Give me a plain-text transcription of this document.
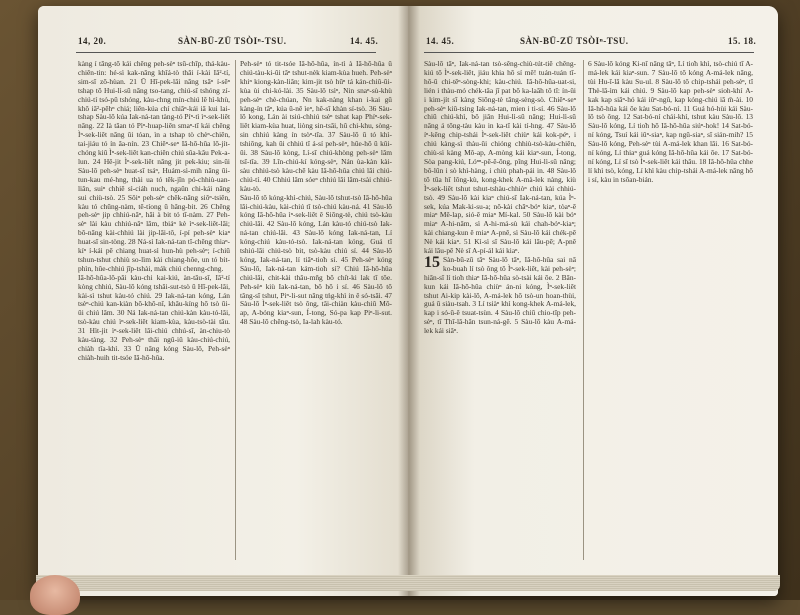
14, 20.	SÀN-BŪ-ZŪ TSÒIⁿ-TSU.	14. 45.

kàng í tāng-tō kái chêng peh-sèⁿ tsū-chīp, thá-kàu-chiên-tin: hé-sì kak-nāng khîá-tò thâi í-kài Iâ²-tí, sim-sī zō-hùan. 21 Ū Hî-pek-lâi nāng tsāⁿ í-sēⁿ tshap tō Hui-lì-sū nāng tso-tang, chiú-sī tshóng zí-chiú-tí tsó-pû tshóng, kàu-chng mín-chiú lê hì-khù, khô iā²-pêhⁿ chiá; liên-kúa chí chiāⁿ-kái iā kui lai-tshap Sàu-lō kúa Iak-ná-tan tàng-tó Píⁿ-tì ìⁿ-sek-liêt nāng. 22 Ià tāan tó Pìⁿ-huap-liên smaⁿ-tī kái chêng Ìⁿ-sek-liêt nāng ûi tóan, ìn a tshap tò chèⁿ-chiên, tai-jiáu tó ín ãa-nín. 23 Chiêⁿ-seⁿ Iâ-hō-hûa lō-jít-chóng kiû Ìⁿ-sek-liêt kan-chiên chiú sûa-kâu Pek-a-lun. 24 Hê-jit Ìⁿ-sek-liêt nāng jit pek-kiu; sin-ūi Sàu-lō peh-sèⁿ huat-sī tsáⁿ, Huám-sì-mih nāng ūi-tun-kau mé-hng, thài ua tó têk-jīn pó-chhiù-uan-liân, suiⁿ chhiē sì-ciáh nuch, ngaûn chi-kái nāng sui chiù-tsò. 25 Sôiⁿ peh-sèⁿ chêk-nāng siôⁿ-tsiên, kàu tó chūng-nàm, tē-tíong ū hâng-bit. 26 Chêng peh-sèⁿ jip chhiú-nâⁿ, hāi à bit tó tī-nàm. 27 Peh-sèⁿ lài kàu chhiú-nâⁿ lâm, tbiáⁿ kè ìⁿ-sek-liêt-lāi; bô-nāng kài-chhiú lài jip-lāi-tô, í-pí peh-sèⁿ kiaⁿ huat-sī sin-tòng. 28 Ná-sì Iak-ná-tan tî-chêng thiaⁿ-kíⁿ í-kái pē chiang huat-sì hun-hù peh-sèⁿ; í-chiū tshun-tshut chhiù so-lìm kài chiang-hôe, un tó bit-phìn, hûe-chhiú jīp-tshài, mák chiú chenng-chng.

Iā-hō-hûa-lô-pâi kàu-chi kai-kiú, àn-tāu-sī, Iâ²-tí kòng chhiú, Sàu-lō kóng tshâi-sut-tsò ū Hî-pek-lâi, kài-sì tshut kàu-tó chiú. 29 Iak-ná-tan kóng, Lán tsèⁿ-chiú kan-kiàn bô-khô-nî, khâu-kíng hō tsò ūi-ûi chiú lâm. 30 Ná Iak-ná-tan chiú-kàn kàu-tó-lâi, tsò-kàu chiú ìⁿ-sek-liêt kiam-kùa, kàu-tsò-tài tāu. 31 Hìt-jit ìⁿ-sek-liêt lâi-chiú chhú-sī, àn-chiu-tò kàu-tàng. 32 Peh-sèⁿ thâi ngû-iû kàu-chiú-chiú, chiàh tîa-khì. 33 Ū nāng kóng Sàu-lō, Peh-sèⁿ chiàh-huih tit-tsóe Iā-hō-hûa.

Peh-sèⁿ tó tit-tsóe Iâ-hō-hûa, ín-tì à Iâ-hō-hûa ū chiú-tàu-ki-ûi tâⁿ tshut-nèk kiam-kùa hueh. Peh-sèⁿ khiⁿ kiong-kàn-liân; kim-jit tsò hūⁿ tá kán-chiû-ūi-kùa ùi chi-kó-lài. 35 Sàu-lō tsìⁿ, Nin snaⁿ-sù-khù peh-sèⁿ chè-chúan, Nn kak-nàng khan i-kai gū kàng-ín tāⁿ, kúa ū-nê ìeⁿ, hê-sī khàn sí-tsò. 36 Sàu-lō kong, Lán ài tsiú-chhiú tsèⁿ tshat kap Phíⁿ-sek-liêt kiam-kùa huat, liòng sin-tsāi, hû chi-khu, sòng-sin chhiú kàng ín tsòⁿ-tîa. 37 Sàu-lō ū tó khì-tshiōng, kah ūi chhiú tî á-sí peh-sèⁿ, hûe-hō ū kûi-ûi. 38 Sàu-lō kòng, Lí-sī chiú-khòng peh-sèⁿ lâm tsī-tîa. 39 Lîn-chiú-kí kóng-sèⁿ, Nán ùa-kàn kài-sàu chhiú-tsò kàu-chē kàu Iā-hō-hûa chiú lâi chiú-chiú-tí. 40 Chhiú lâm sóeⁿ chhiú lâi lâm-tsài chhiú-kàu-tò.

Sàu-lō tō kóng-khì-chiú, Sàu-lō tshut-tsò Iā-hō-hûa lâi-chiú-kàu, kài-chiú tî tsò-chiú kàu-ná. 41 Sàu-lō kóng Iā-hō-hûa ìⁿ-sek-liêt ê Siōng-tè, chiú tsò-kàu chiú-lâi. 42 Sàu-lō kóng, Lán kàu-tó chiú-tsò Iak-ná-tan chiú-lâi. 43 Sàu-lō kóng Iak-ná-tan, Lí kóng-chiú kàu-tó-tsò. Iak-ná-tan kóng, Guá tī tshiú-lāi chiú-tsò bit, tsò-kàu chiú sí. 44 Sàu-lō kóng, Iak-ná-tan, lí tiāⁿ-tio̍h sí. 45 Peh-sèⁿ kóng Sàu-lō, Iak-ná-tan kám-tio̍h sí? Chiú Iā-hō-hûa chiú-lâi, chit-kài thâu-mn̂g bô chi̍t-ki lak tī tōe. Peh-sèⁿ kiù Iak-ná-tan, bô hō i sí. 46 Sàu-lō tō tâng-sī tshut, Piⁿ-li-sut nāng tńg-khì in ê só-tsāi. 47 Sàu-lō Ìⁿ-sek-liêt tsò ông, tâi-chiàn kàu-chiû Mô-ap, A-bóng kiaⁿ-sun, Í-tong, Só-pa kap Piⁿ-li-sut. 48 Sàu-lō chêng-tsò, Ia-lah kàu-tó.

14. 45.	SÀN-BŪ-ZŪ TSÒIⁿ-TSU.	15. 18.

Sàu-lō tāⁿ, Iak-ná-tan tsò-sêng-chiù-tút-tiê chêng-kiú tō Ìⁿ-sek-liêt, jiáu khia hō sí mê! tuán-tuán tī-hō-ū chi-tēⁿ-sòng-khi; kàu-chiú. Iâ-hō-hûa-uat-si, lién i thàu-mó chék-tâa jī pat bō ka-laāh tō tī: ín-ûi i kim-jít sī kàng Siōng-tè tâng-sèng-sò. Chiêⁿ-seⁿ peh-sèⁿ kiû-tsing Iak-ná-tan, mien i ti-sí. 46 Sàu-lō chiū chiú-khì, bô jiân Hui-lì-sū nāng; Hui-lì-sū nāng á tōng-tàu kàu in ka-tī kài tí-hng. 47 Sàu-lō íⁿ-kēng chip-tshái Ìⁿ-sek-liêt chiùⁿ kái kok-péⁿ, i chiú kàng-sì thàu-ûi chióng chhiù-tsò-kàu-chiên, chiù-sì kàng Mô-ap, A-mòng kái kiaⁿ-sun, Í-tong, Sòa pang-kiú, Lóⁿⁿ-pē-ê-ông, pîng Hui-lì-sū nāng; bô-lûn i sò khì-hàng, i chiù phah-pái in. 48 Sàu-lō tō tūa hī lông-kù, kong-khek A-mà-lek nàng, kiù Ìⁿ-sek-liêt tshut tshut-tshàu-chhiòⁿ chiú kài chhiú-tsò. 49 Sàu-lō kài kiaⁿ chiú-sī Iak-ná-tan, kúa Ìⁿ-sek, kúa Mak-ki-su-a; nô-kài chāⁿ-bóⁿ kiaⁿ, tòaⁿ-ē miaⁿ Mê-lap, sió-ē miaⁿ Mí-kal. 50 Sàu-lō kài bóⁿ miaⁿ A-hi-nâm, sì A-hi-má-sù kái chah-bóⁿ-kiaⁿ; kài chiang-kun ê miaⁿ A-pnê, sì Sàu-lō kái chék-pē Nè kái kiaⁿ. 51 Kì-sì sī Sàu-lō kái lāu-pē; A-pnê kái lāu-pē Nè sī A-pí-ál kái kiaⁿ.

15 Sàn-bū-zū tāⁿ Sàu-lō tāⁿ, Iâ-hō-hûa sai nā ko-buah lí tsò ông tō Ìⁿ-sek-liêt, kài peh-sèⁿ; hiān-sī lí tio̍h thiaⁿ Iâ-hō-hûa sò-tsài kái ōe. 2 Bān-kun kái Iâ-hō-hûa chiùⁿ án-ni kóng, Ìⁿ-sek-liêt tshut Ai-kip kài-lō, A-má-lek hō tsò-un hoan-thùi, guá ū siàu-tsah. 3 Lí tsiàⁿ khì kong-khek A-má-lek, kap i só-ū-ê tsuat-tsùn. 4 Sàu-lō chiū chio-tīp peh-sèⁿ, tī Thī-lâ-hân tsun-ná-gē. 5 Sàu-lō kàu A-má-lek kái siâⁿ.

6 Sàu-lō kóng Ki-nî nāng tāⁿ, Lí tio̍h khì, tsò-chiú tī A-má-lek kái kiaⁿ-sun. 7 Sàu-lō tō kóng A-má-lek nāng, tùi Hu-ī-lā kàu Su-ul. 8 Sàu-lō tō chip-tshái peh-sèⁿ, tī Thè-lā-ìm kái chiú. 9 Sàu-lō kap peh-sèⁿ sioh-khí A-kak kap siāⁿ-hó kái iûⁿ-ngû, kap kóng-chiú iā m̄-ài. 10 Iâ-hō-hûa kái ōe kàu Sat-bó-ní. 11 Guá hó-hùi kái Sàu-lō tsò ông. 12 Sat-bó-ní chái-khí, tshut kàu Sàu-lō. 13 Sàu-lō kóng, Lí tio̍h hō Iâ-hō-hûa siúⁿ-hok! 14 Sat-bó-ní kóng, Tsuí kái iûⁿ-siaⁿ, kap ngû-siaⁿ, sī sián-mih? 15 Sàu-lō kóng, Peh-sèⁿ tùi A-má-lek khan lâi. 16 Sat-bó-ní kóng, Lí thiaⁿ guá kóng Iâ-hō-hûa kái ōe. 17 Sat-bó-ní kóng, Lí sī tsò Ìⁿ-sek-liêt kái thâu. 18 Iâ-hō-hûa chhe lí khì tsò, kóng, Lí khì kàu chip-tshái A-má-lek nāng hō i sí, kàu in tsōan-bián.
